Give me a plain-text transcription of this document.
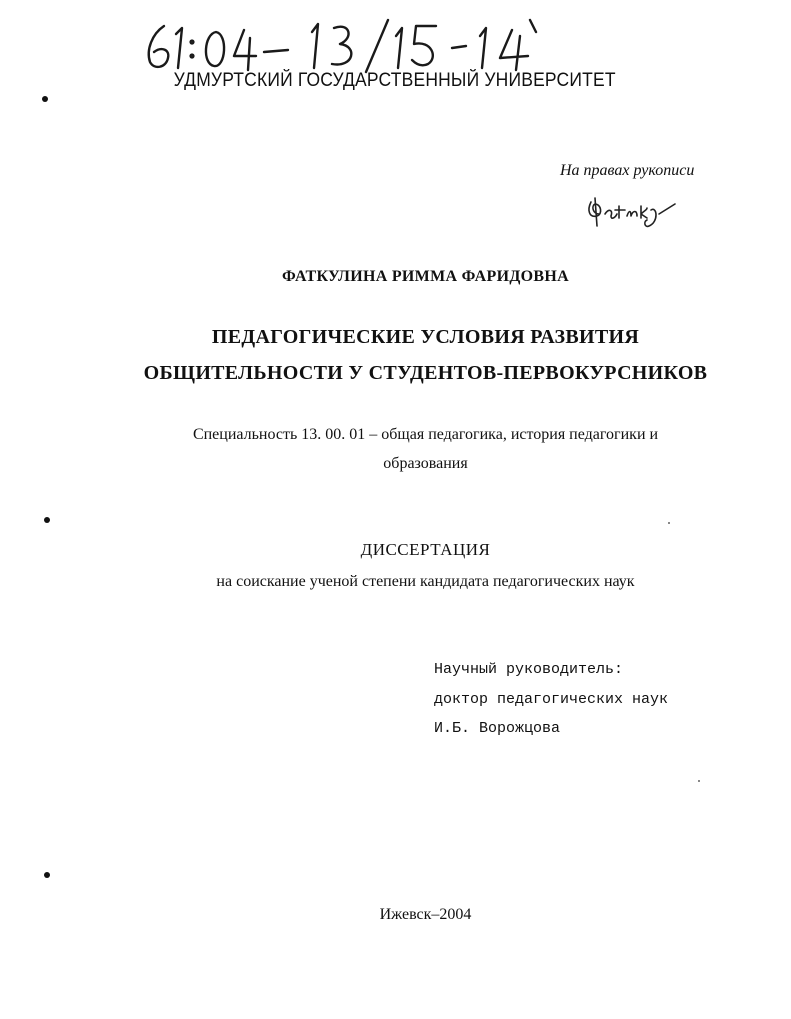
УДМУРТСКИЙ ГОСУДАРСТВЕННЫЙ УНИВЕРСИТЕТ
На правах рукописи
ФАТКУЛИНА РИММА ФАРИДОВНА
ПЕДАГОГИЧЕСКИЕ УСЛОВИЯ РАЗВИТИЯ
ОБЩИТЕЛЬНОСТИ У СТУДЕНТОВ-ПЕРВОКУРСНИКОВ
Специальность 13. 00. 01 – общая педагогика, история педагогики и
образования
ДИССЕРТАЦИЯ
на соискание ученой степени кандидата педагогических наук
Научный руководитель:
доктор педагогических наук
И.Б. Ворожцова
Ижевск–2004
